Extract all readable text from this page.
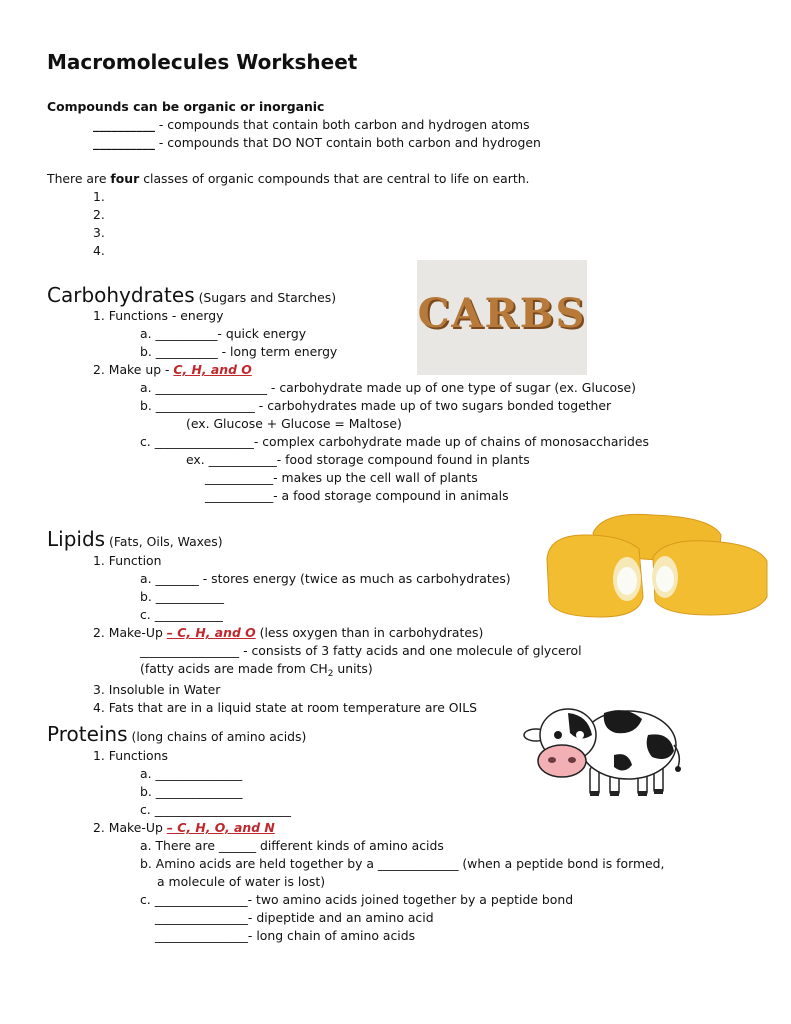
Macromolecules Worksheet
Compounds can be organic or inorganic
__________ - compounds that contain both carbon and hydrogen atoms
__________ - compounds that DO NOT contain both carbon and hydrogen
There are four classes of organic compounds that are central to life on earth.
1.
2.
3.
4.
Carbohydrates (Sugars and Starches) CARBS
1. Functions - energy
a. __________- quick energy
b. __________ - long term energy
2. Make up - C, H, and O
a. __________________ - carbohydrate made up of one type of sugar (ex. Glucose)
b. ________________ - carbohydrates made up of two sugars bonded together
(ex. Glucose + Glucose = Maltose)
c. ________________- complex carbohydrate made up of chains of monosaccharides
ex. ___________- food storage compound found in plants
___________- makes up the cell wall of plants
___________- a food storage compound in animals
Lipids (Fats, Oils, Waxes)
1. Function
a. _______ - stores energy (twice as much as carbohydrates)
b. ___________
c. ___________
2. Make-Up – C, H, and O (less oxygen than in carbohydrates)
________________ - consists of 3 fatty acids and one molecule of glycerol
(fatty acids are made from $CH_2$ units)
3. Insoluble in Water
4. Fats that are in a liquid state at room temperature are OILS
Proteins (long chains of amino acids)
1. Functions
a. ______________
b. ______________
c. ______________________
2. Make-Up – C, H, O, and N
a. There are ______ different kinds of amino acids
b. Amino acids are held together by a _____________ (when a peptide bond is formed,
a molecule of water is lost)
c. _______________- two amino acids joined together by a peptide bond
_______________- dipeptide and an amino acid
_______________- long chain of amino acids
